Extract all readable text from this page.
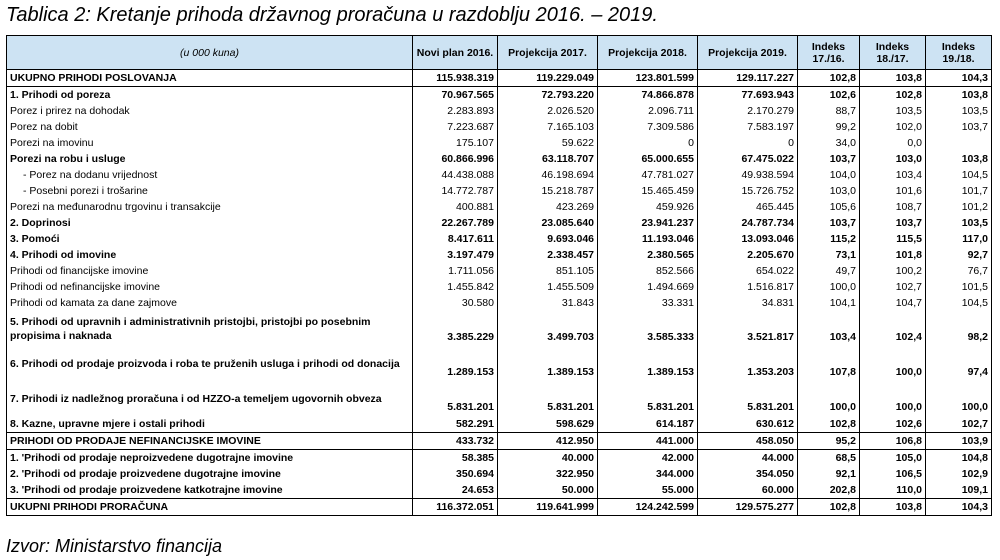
Tablica 2: Kretanje prihoda državnog proračuna u razdoblju 2016. – 2019.
(u 000 kuna)	Novi plan 2016.	Projekcija 2017.	Projekcija 2018.	Projekcija 2019.	Indeks 17./16.	Indeks 18./17.	Indeks 19./18.
UKUPNO PRIHODI POSLOVANJA	115.938.319	119.229.049	123.801.599	129.117.227	102,8	103,8	104,3
1. Prihodi od poreza	70.967.565	72.793.220	74.866.878	77.693.943	102,6	102,8	103,8
Porez i prirez na dohodak	2.283.893	2.026.520	2.096.711	2.170.279	88,7	103,5	103,5
Porez na dobit	7.223.687	7.165.103	7.309.586	7.583.197	99,2	102,0	103,7
Porezi na imovinu	175.107	59.622	0	0	34,0	0,0	
Porezi na robu i usluge	60.866.996	63.118.707	65.000.655	67.475.022	103,7	103,0	103,8
- Porez na dodanu vrijednost	44.438.088	46.198.694	47.781.027	49.938.594	104,0	103,4	104,5
- Posebni porezi i trošarine	14.772.787	15.218.787	15.465.459	15.726.752	103,0	101,6	101,7
Porezi na međunarodnu trgovinu i transakcije	400.881	423.269	459.926	465.445	105,6	108,7	101,2
2. Doprinosi	22.267.789	23.085.640	23.941.237	24.787.734	103,7	103,7	103,5
3. Pomoći	8.417.611	9.693.046	11.193.046	13.093.046	115,2	115,5	117,0
4. Prihodi od imovine	3.197.479	2.338.457	2.380.565	2.205.670	73,1	101,8	92,7
Prihodi od financijske imovine	1.711.056	851.105	852.566	654.022	49,7	100,2	76,7
Prihodi od nefinancijske imovine	1.455.842	1.455.509	1.494.669	1.516.817	100,0	102,7	101,5
Prihodi od kamata za dane zajmove	30.580	31.843	33.331	34.831	104,1	104,7	104,5
5. Prihodi od upravnih i administrativnih pristojbi, pristojbi po posebnim propisima i naknada	3.385.229	3.499.703	3.585.333	3.521.817	103,4	102,4	98,2
6. Prihodi od prodaje proizvoda i roba te pruženih usluga i prihodi od donacija	1.289.153	1.389.153	1.389.153	1.353.203	107,8	100,0	97,4
7. Prihodi iz nadležnog proračuna i od HZZO-a temeljem ugovornih obveza	5.831.201	5.831.201	5.831.201	5.831.201	100,0	100,0	100,0
8. Kazne, upravne mjere i ostali prihodi	582.291	598.629	614.187	630.612	102,8	102,6	102,7
PRIHODI OD PRODAJE NEFINANCIJSKE IMOVINE	433.732	412.950	441.000	458.050	95,2	106,8	103,9
1. 'Prihodi od prodaje neproizvedene dugotrajne imovine	58.385	40.000	42.000	44.000	68,5	105,0	104,8
2. 'Prihodi od prodaje proizvedene dugotrajne imovine	350.694	322.950	344.000	354.050	92,1	106,5	102,9
3. 'Prihodi od prodaje proizvedene katkotrajne imovine	24.653	50.000	55.000	60.000	202,8	110,0	109,1
UKUPNI PRIHODI PRORAČUNA	116.372.051	119.641.999	124.242.599	129.575.277	102,8	103,8	104,3
Izvor: Ministarstvo financija
